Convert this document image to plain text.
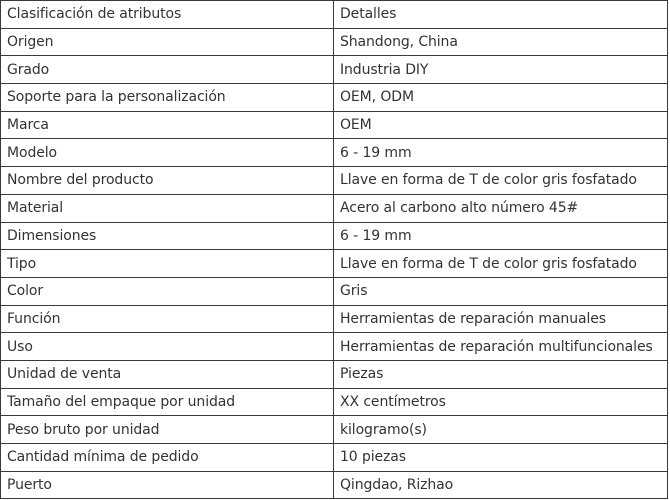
Clasificación de atributos	Detalles
Origen	Shandong, China
Grado	Industria DIY
Soporte para la personalización	OEM, ODM
Marca	OEM
Modelo	6 - 19 mm
Nombre del producto	Llave en forma de T de color gris fosfatado
Material	Acero al carbono alto número 45#
Dimensiones	6 - 19 mm
Tipo	Llave en forma de T de color gris fosfatado
Color	Gris
Función	Herramientas de reparación manuales
Uso	Herramientas de reparación multifuncionales
Unidad de venta	Piezas
Tamaño del empaque por unidad	XX centímetros
Peso bruto por unidad	kilogramo(s)
Cantidad mínima de pedido	10 piezas
Puerto	Qingdao, Rizhao
